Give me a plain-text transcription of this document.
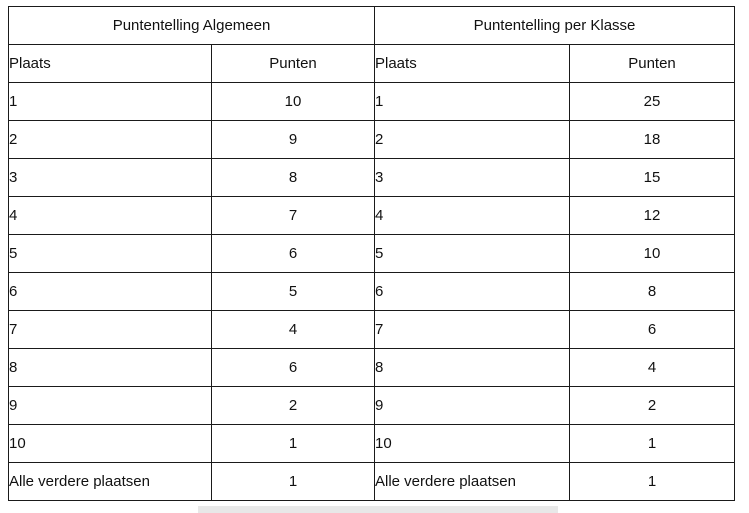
Puntentelling Algemeen		Puntentelling per Klasse	
Plaats	Punten	Plaats	Punten
1	10	1	25
2	9	2	18
3	8	3	15
4	7	4	12
5	6	5	10
6	5	6	8
7	4	7	6
8	6	8	4
9	2	9	2
10	1	10	1
Alle verdere plaatsen	1	Alle verdere plaatsen	1
